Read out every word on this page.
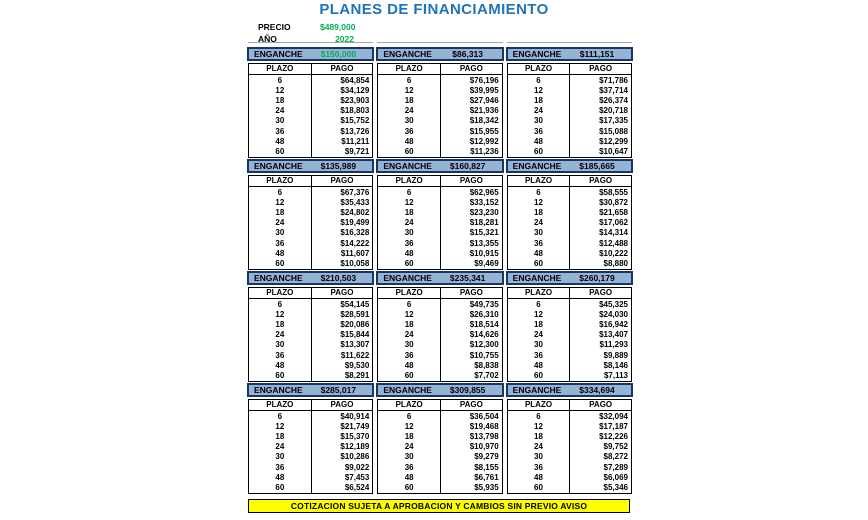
PLANES DE FINANCIAMIENTO
PRECIO	$489,000
AÑO	2022
ENGANCHE	$150,000
PLAZO	PAGO
6	$64,854
12	$34,129
18	$23,903
24	$18,803
30	$15,752
36	$13,726
48	$11,211
60	$9,721
ENGANCHE	$86,313
PLAZO	PAGO
6	$76,196
12	$39,995
18	$27,946
24	$21,936
30	$18,342
36	$15,955
48	$12,992
60	$11,236
ENGANCHE	$111,151
PLAZO	PAGO
6	$71,786
12	$37,714
18	$26,374
24	$20,718
30	$17,335
36	$15,088
48	$12,299
60	$10,647
ENGANCHE	$135,989
PLAZO	PAGO
6	$67,376
12	$35,433
18	$24,802
24	$19,499
30	$16,328
36	$14,222
48	$11,607
60	$10,058
ENGANCHE	$160,827
PLAZO	PAGO
6	$62,965
12	$33,152
18	$23,230
24	$18,281
30	$15,321
36	$13,355
48	$10,915
60	$9,469
ENGANCHE	$185,665
PLAZO	PAGO
6	$58,555
12	$30,872
18	$21,658
24	$17,062
30	$14,314
36	$12,488
48	$10,222
60	$8,880
ENGANCHE	$210,503
PLAZO	PAGO
6	$54,145
12	$28,591
18	$20,086
24	$15,844
30	$13,307
36	$11,622
48	$9,530
60	$8,291
ENGANCHE	$235,341
PLAZO	PAGO
6	$49,735
12	$26,310
18	$18,514
24	$14,626
30	$12,300
36	$10,755
48	$8,838
60	$7,702
ENGANCHE	$260,179
PLAZO	PAGO
6	$45,325
12	$24,030
18	$16,942
24	$13,407
30	$11,293
36	$9,889
48	$8,146
60	$7,113
ENGANCHE	$285,017
PLAZO	PAGO
6	$40,914
12	$21,749
18	$15,370
24	$12,189
30	$10,286
36	$9,022
48	$7,453
60	$6,524
ENGANCHE	$309,855
PLAZO	PAGO
6	$36,504
12	$19,468
18	$13,798
24	$10,970
30	$9,279
36	$8,155
48	$6,761
60	$5,935
ENGANCHE	$334,694
PLAZO	PAGO
6	$32,094
12	$17,187
18	$12,226
24	$9,752
30	$8,272
36	$7,289
48	$6,069
60	$5,346
COTIZACION SUJETA A APROBACION Y CAMBIOS SIN PREVIO AVISO
